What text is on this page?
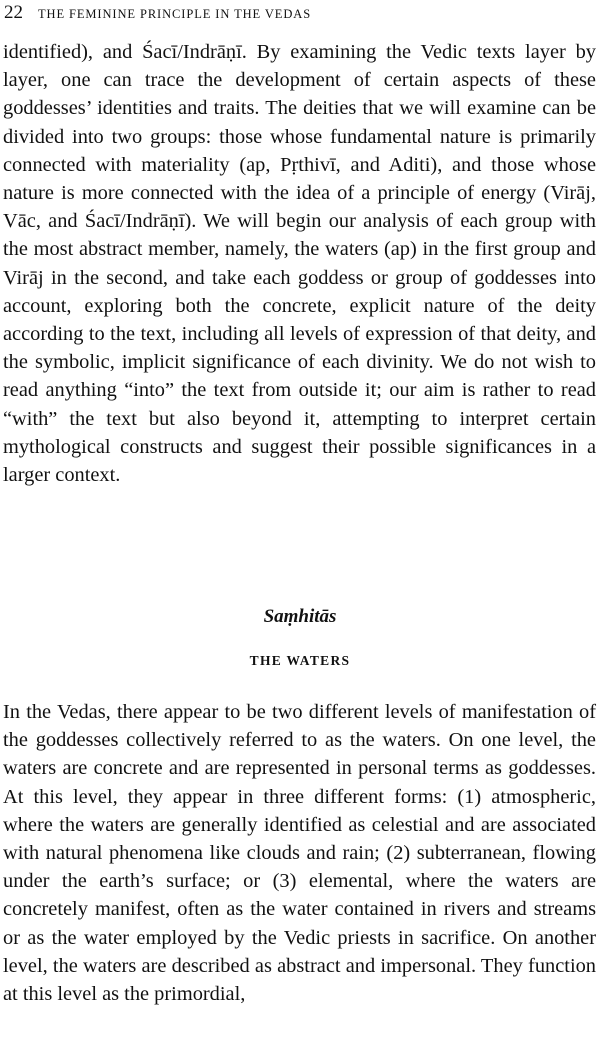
22	THE FEMININE PRINCIPLE IN THE VEDAS

identified), and Śacī/Indrāṇī. By examining the Vedic texts layer by layer, one can trace the development of certain aspects of these goddesses’ identities and traits. The deities that we will examine can be divided into two groups: those whose fundamental nature is primarily connected with materiality (ap, Pṛthivī, and Aditi), and those whose nature is more connected with the idea of a principle of energy (Virāj, Vāc, and Śacī/Indrāṇī). We will begin our analysis of each group with the most abstract member, namely, the waters (ap) in the first group and Virāj in the second, and take each goddess or group of goddesses into account, exploring both the concrete, explicit nature of the deity according to the text, including all levels of expression of that deity, and the symbolic, implicit significance of each divinity. We do not wish to read anything “into” the text from outside it; our aim is rather to read “with” the text but also beyond it, attempting to interpret certain mythological constructs and suggest their possible significances in a larger context.

Saṃhitās
THE WATERS

In the Vedas, there appear to be two different levels of manifestation of the goddesses collectively referred to as the waters. On one level, the waters are concrete and are represented in personal terms as goddesses. At this level, they appear in three different forms: (1) atmospheric, where the waters are generally identified as celestial and are associated with natural phenomena like clouds and rain; (2) subterranean, flowing under the earth’s surface; or (3) elemental, where the waters are concretely manifest, often as the water contained in rivers and streams or as the water employed by the Vedic priests in sacrifice. On another level, the waters are described as abstract and impersonal. They function at this level as the primordial,
